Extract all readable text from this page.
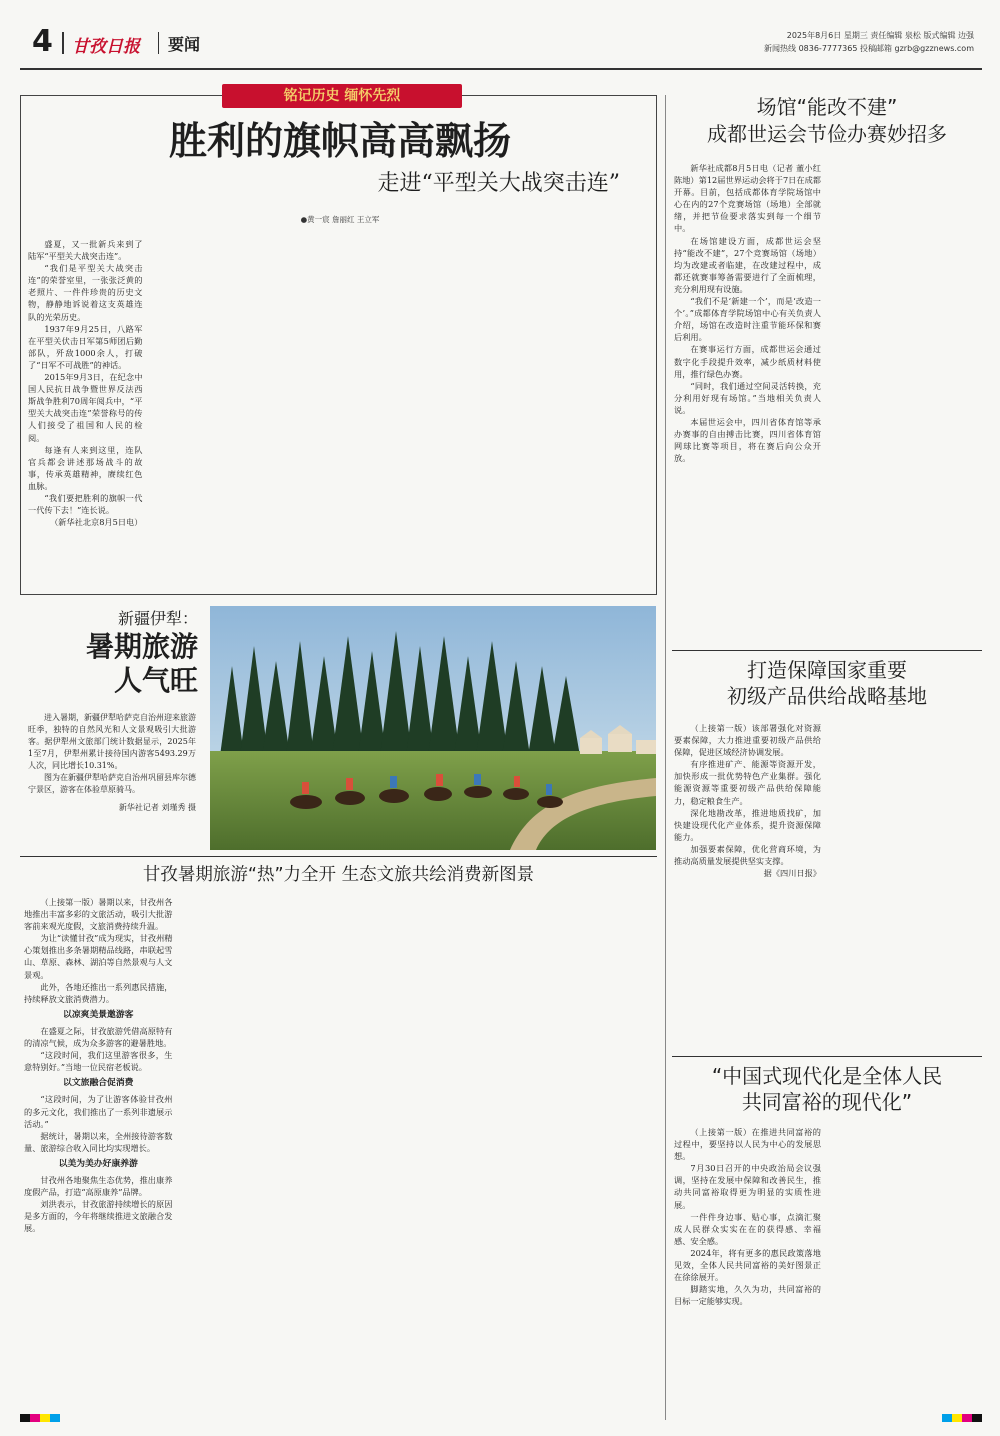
4 甘孜日报 要闻	2025年8月6日 星期三 责任编辑 泉松 版式编辑 边强
新闻热线 0836-7777365 投稿邮箱 gzrb@gzznews.com
铭记历史 缅怀先烈
胜利的旗帜高高飘扬
走进“平型关大战突击连”
●黄一宸 詹丽红 王立军

盛夏，又一批新兵来到了陆军“平型关大战突击连”。

“我们是平型关大战突击连”的荣誉室里，一张张泛黄的老照片、一件件珍贵的历史文物，静静地诉说着这支英雄连队的光荣历史。

1937年9月25日，八路军在平型关伏击日军第5师团后勤部队，歼敌1000余人，打破了“日军不可战胜”的神话。

2015年9月3日，在纪念中国人民抗日战争暨世界反法西斯战争胜利70周年阅兵中，“平型关大战突击连”荣誉称号的传人们接受了祖国和人民的检阅。

每逢有人来到这里，连队官兵都会讲述那场战斗的故事，传承英雄精神，赓续红色血脉。

“我们要把胜利的旗帜一代一代传下去！”连长说。

（新华社北京8月5日电）

场馆“能改不建”
成都世运会节俭办赛妙招多

新华社成都8月5日电（记者 董小红 陈地）第12届世界运动会将于7日在成都开幕。目前，包括成都体育学院场馆中心在内的27个竞赛场馆（场地）全部就绪，并把节俭要求落实到每一个细节中。

在场馆建设方面，成都世运会坚持“能改不建”，27个竞赛场馆（场地）均为改建或者临建，在改建过程中，成都还就赛事筹备需要进行了全面梳理，充分利用现有设施。

“我们不是‘新建一个’，而是‘改造一个’。”成都体育学院场馆中心有关负责人介绍，场馆在改造时注重节能环保和赛后利用。

在赛事运行方面，成都世运会通过数字化手段提升效率，减少纸质材料使用，推行绿色办赛。

“同时，我们通过空间灵活转换，充分利用好现有场馆。”当地相关负责人说。

本届世运会中，四川省体育馆等承办赛事的自由搏击比赛，四川省体育馆网球比赛等项目，将在赛后向公众开放。

新疆伊犁：
暑期旅游
人气旺

进入暑期，新疆伊犁哈萨克自治州迎来旅游旺季，独特的自然风光和人文景观吸引大批游客。据伊犁州文旅部门统计数据显示，2025年1至7月，伊犁州累计接待国内游客5493.29万人次，同比增长10.31%。

图为在新疆伊犁哈萨克自治州巩留县库尔德宁景区，游客在体验草原骑马。

新华社记者 刘瑾秀 摄

打造保障国家重要
初级产品供给战略基地

（上接第一版）该部署强化对资源要素保障，大力推进重要初级产品供给保障，促进区域经济协调发展。

有序推进矿产、能源等资源开发，加快形成一批优势特色产业集群。强化能源资源等重要初级产品供给保障能力，稳定粮食生产。

深化地勘改革，推进地质找矿，加快建设现代化产业体系，提升资源保障能力。

加强要素保障，优化营商环境，为推动高质量发展提供坚实支撑。

据《四川日报》

甘孜暑期旅游“热”力全开 生态文旅共绘消费新图景

（上接第一版）暑期以来，甘孜州各地推出丰富多彩的文旅活动，吸引大批游客前来观光度假，文旅消费持续升温。

为让“读懂甘孜”成为现实，甘孜州精心策划推出多条暑期精品线路，串联起雪山、草原、森林、湖泊等自然景观与人文景观。

此外，各地还推出一系列惠民措施，持续释放文旅消费潜力。

以凉爽美景邀游客

在盛夏之际，甘孜旅游凭借高原特有的清凉气候，成为众多游客的避暑胜地。

“这段时间，我们这里游客很多，生意特别好。”当地一位民宿老板说。

以文旅融合促消费

“这段时间，为了让游客体验甘孜州的多元文化，我们推出了一系列非遗展示活动。”

据统计，暑期以来，全州接待游客数量、旅游综合收入同比均实现增长。

以美为美办好康养游

甘孜州各地聚焦生态优势，推出康养度假产品，打造“高原康养”品牌。

刘洪表示，甘孜旅游持续增长的原因是多方面的，今年将继续推进文旅融合发展。

“中国式现代化是全体人民
共同富裕的现代化”

（上接第一版）在推进共同富裕的过程中，要坚持以人民为中心的发展思想。

7月30日召开的中央政治局会议强调，坚持在发展中保障和改善民生，推动共同富裕取得更为明显的实质性进展。

一件件身边事、贴心事，点滴汇聚成人民群众实实在在的获得感、幸福感、安全感。

2024年，将有更多的惠民政策落地见效，全体人民共同富裕的美好图景正在徐徐展开。

脚踏实地，久久为功，共同富裕的目标一定能够实现。
